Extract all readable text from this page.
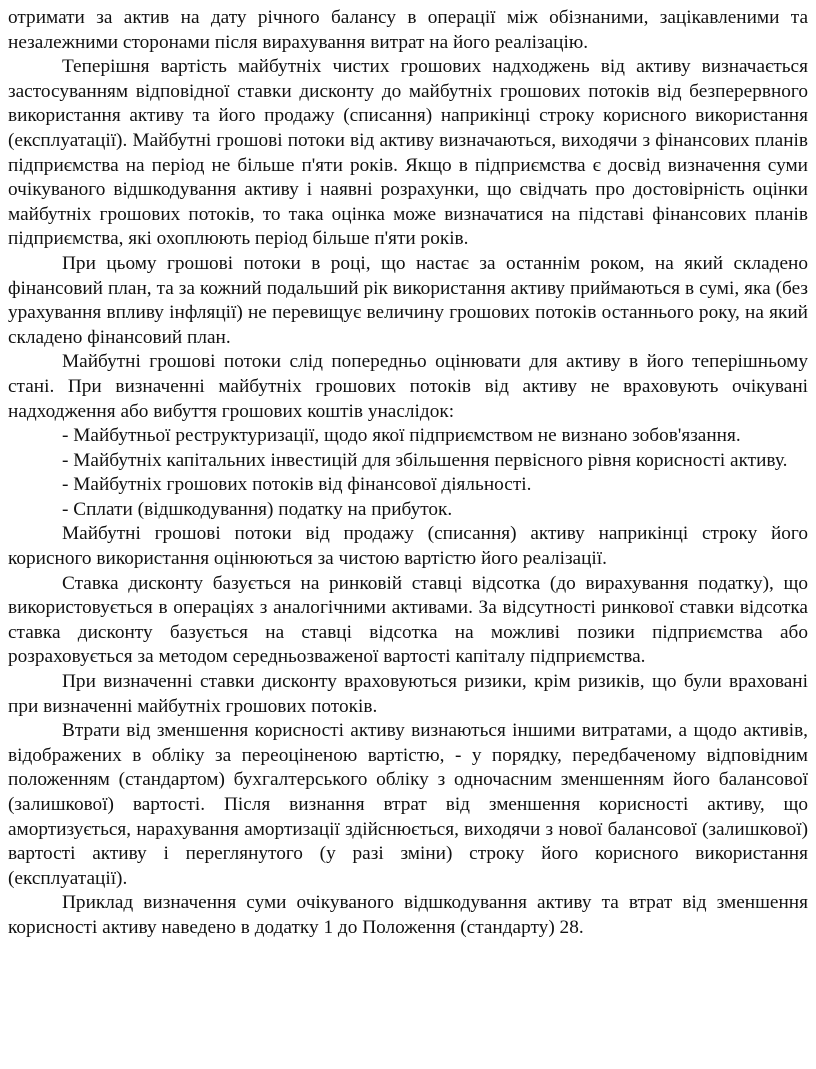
отримати за актив на дату річного балансу в операції між обізнаними, зацікавленими та незалежними сторонами після вирахування витрат на його реалізацію.

Теперішня вартість майбутніх чистих грошових надходжень від активу визначається застосуванням відповідної ставки дисконту до майбутніх грошових потоків від безперервного використання активу та його продажу (списання) наприкінці строку корисного використання (експлуатації). Майбутні грошові потоки від активу визначаються, виходячи з фінансових планів підприємства на період не більше п'яти років. Якщо в підприємства є досвід визначення суми очікуваного відшкодування активу і наявні розрахунки, що свідчать про достовірність оцінки майбутніх грошових потоків, то така оцінка може визначатися на підставі фінансових планів підприємства, які охоплюють період більше п'яти років.

При цьому грошові потоки в році, що настає за останнім роком, на який складено фінансовий план, та за кожний подальший рік використання активу приймаються в сумі, яка (без урахування впливу інфляції) не перевищує величину грошових потоків останнього року, на який складено фінансовий план.

Майбутні грошові потоки слід попередньо оцінювати для активу в його теперішньому стані. При визначенні майбутніх грошових потоків від активу не враховують очікувані надходження або вибуття грошових коштів унаслідок:

- Майбутньої реструктуризації, щодо якої підприємством не визнано зобов'язання.

- Майбутніх капітальних інвестицій для збільшення первісного рівня корисності активу.

- Майбутніх грошових потоків від фінансової діяльності.

- Сплати (відшкодування) податку на прибуток.

Майбутні грошові потоки від продажу (списання) активу наприкінці строку його корисного використання оцінюються за чистою вартістю його реалізації.

Ставка дисконту базується на ринковій ставці відсотка (до вирахування податку), що використовується в операціях з аналогічними активами. За відсутності ринкової ставки відсотка ставка дисконту базується на ставці відсотка на можливі позики підприємства або розраховується за методом середньозваженої вартості капіталу підприємства.

При визначенні ставки дисконту враховуються ризики, крім ризиків, що були враховані при визначенні майбутніх грошових потоків.

Втрати від зменшення корисності активу визнаються іншими витратами, а щодо активів, відображених в обліку за переоціненою вартістю, - у порядку, передбаченому відповідним положенням (стандартом) бухгалтерського обліку з одночасним зменшенням його балансової (залишкової) вартості. Після визнання втрат від зменшення корисності активу, що амортизується, нарахування амортизації здійснюється, виходячи з нової балансової (залишкової) вартості активу і переглянутого (у разі зміни) строку його корисного використання (експлуатації).

Приклад визначення суми очікуваного відшкодування активу та втрат від зменшення корисності активу наведено в додатку 1 до Положення (стандарту) 28.
